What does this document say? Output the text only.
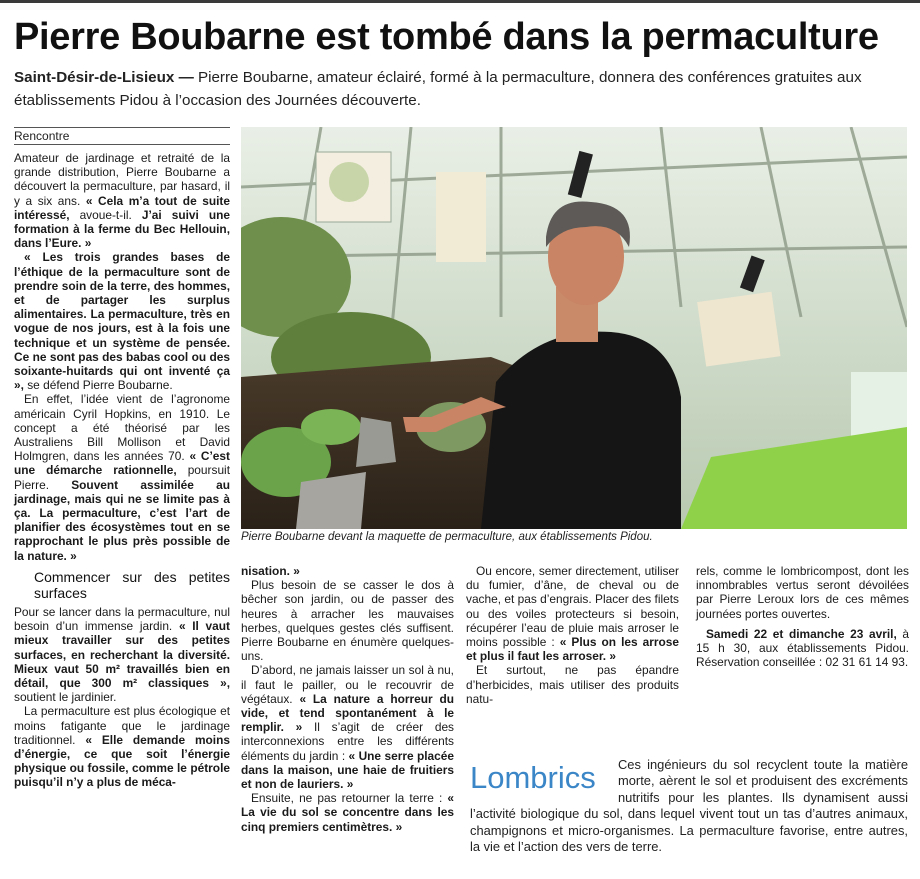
Pierre Boubarne est tombé dans la permaculture
Saint-Désir-de-Lisieux — Pierre Boubarne, amateur éclairé, formé à la permaculture, donnera des conférences gratuites aux établissements Pidou à l’occasion des Journées découverte.
Rencontre

Amateur de jardinage et retraité de la grande distribution, Pierre Boubarne a découvert la permaculture, par hasard, il y a six ans. « Cela m’a tout de suite intéressé, avoue-t-il. J’ai suivi une formation à la ferme du Bec Hellouin, dans l’Eure. »

« Les trois grandes bases de l’éthique de la permaculture sont de prendre soin de la terre, des hommes, et de partager les surplus alimentaires. La permaculture, très en vogue de nos jours, est à la fois une technique et un système de pensée. Ce ne sont pas des babas cool ou des soixante-huitards qui ont inventé ça », se défend Pierre Boubarne.

En effet, l’idée vient de l’agronome américain Cyril Hopkins, en 1910. Le concept a été théorisé par les Australiens Bill Mollison et David Holmgren, dans les années 70. « C’est une démarche rationnelle, poursuit Pierre. Souvent assimilée au jardinage, mais qui ne se limite pas à ça. La permaculture, c’est l’art de planifier des écosystèmes tout en se rapprochant le plus près possible de la nature. »

Commencer sur des petites surfaces

Pour se lancer dans la permaculture, nul besoin d’un immense jardin. « Il vaut mieux travailler sur des petites surfaces, en recherchant la diversité. Mieux vaut 50 m² travaillés bien en détail, que 300 m² classiques », soutient le jardinier.

La permaculture est plus écologique et moins fatigante que le jardinage traditionnel. « Elle demande moins d’énergie, ce que soit l’énergie physique ou fossile, comme le pétrole puisqu’il n’y a plus de méca-

Pierre Boubarne devant la maquette de permaculture, aux établissements Pidou.

nisation. »

Plus besoin de se casser le dos à bêcher son jardin, ou de passer des heures à arracher les mauvaises herbes, quelques gestes clés suffisent. Pierre Boubarne en énumère quelques-uns.

D’abord, ne jamais laisser un sol à nu, il faut le pailler, ou le recouvrir de végétaux. « La nature a horreur du vide, et tend spontanément à le remplir. » Il s’agit de créer des interconnexions entre les différents éléments du jardin : « Une serre placée dans la maison, une haie de fruitiers et non de lauriers. »

Ensuite, ne pas retourner la terre : « La vie du sol se concentre dans les cinq premiers centimètres. »

Ou encore, semer directement, utiliser du fumier, d’âne, de cheval ou de vache, et pas d’engrais. Placer des filets ou des voiles protecteurs si besoin, récupérer l’eau de pluie mais arroser le moins possible : « Plus on les arrose et plus il faut les arroser. »

Et surtout, ne pas épandre d’herbicides, mais utiliser des produits natu-

rels, comme le lombricompost, dont les innombrables vertus seront dévoilées par Pierre Leroux lors de ces mêmes journées portes ouvertes.

Samedi 22 et dimanche 23 avril, à 15 h 30, aux établissements Pidou. Réservation conseillée : 02 31 61 14 93.

Lombrics	Ces ingénieurs du sol recyclent toute la matière morte, aèrent le sol et produisent des excréments nutritifs pour les plantes. Ils dynamisent aussi l’activité biologique du sol, dans lequel vivent tout un tas d’autres animaux, champignons et micro-organismes. La permaculture favorise, entre autres, la vie et l’action des vers de terre.
